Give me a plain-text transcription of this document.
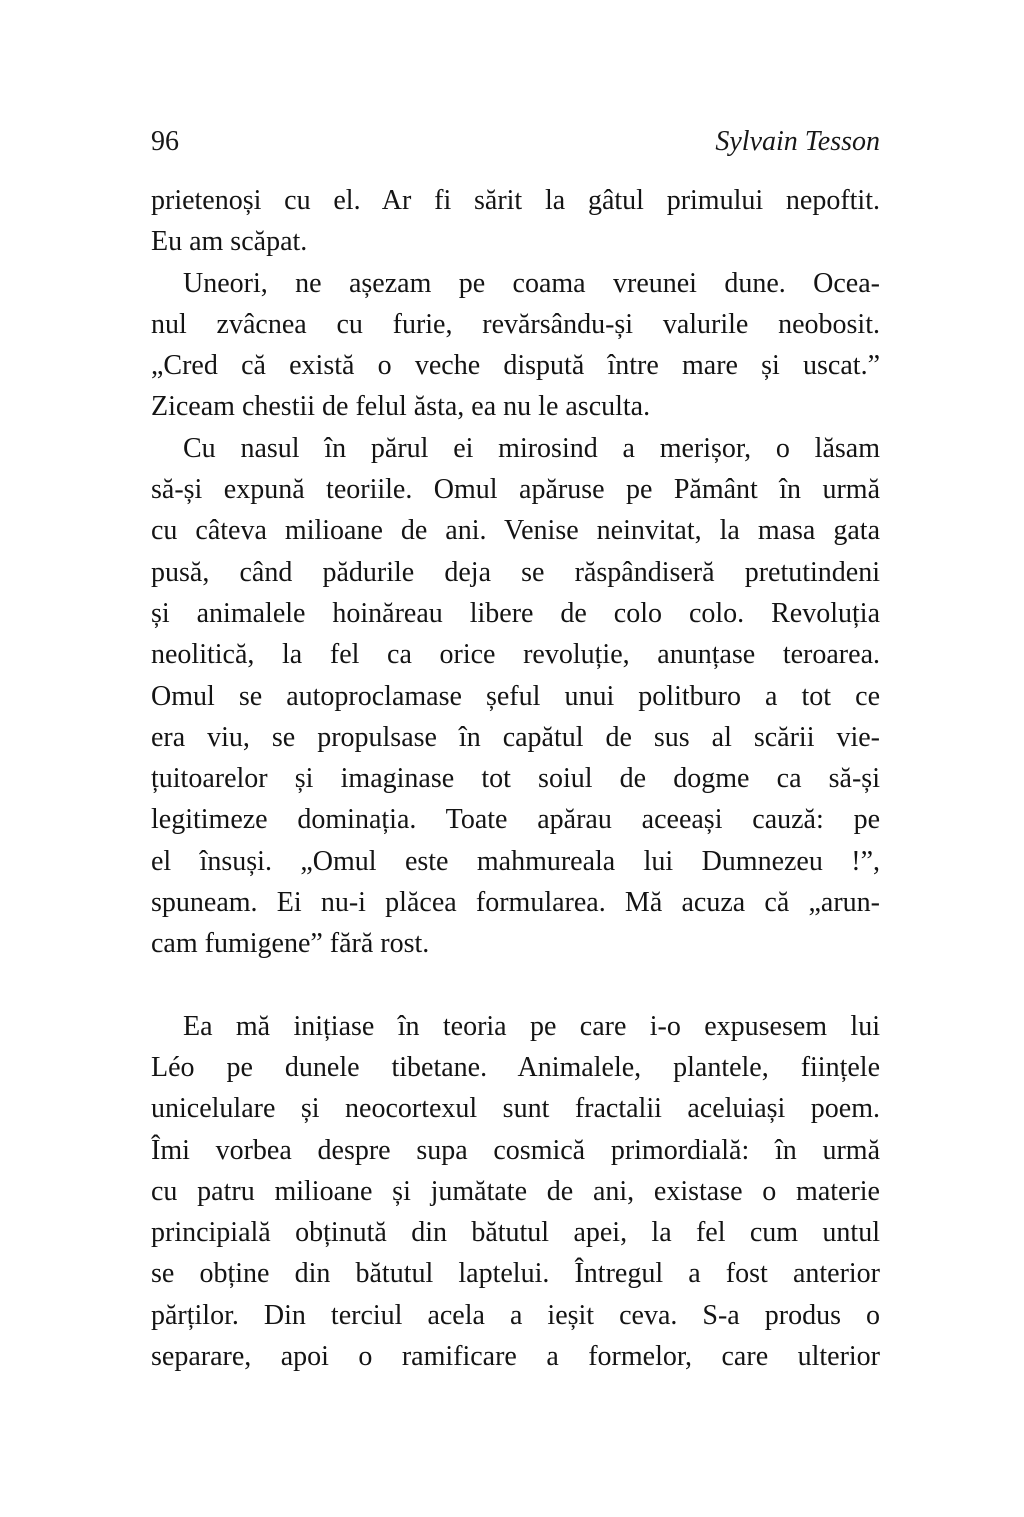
96	Sylvain Tesson
prietenoși cu el. Ar fi sărit la gâtul primului nepoftit.
Eu am scăpat.
Uneori, ne așezam pe coama vreunei dune. Ocea-
nul zvâcnea cu furie, revărsându-și valurile neobosit.
„Cred că există o veche dispută între mare și uscat.”
Ziceam chestii de felul ăsta, ea nu le asculta.
Cu nasul în părul ei mirosind a merișor, o lăsam
să-și expună teoriile. Omul apăruse pe Pământ în urmă
cu câteva milioane de ani. Venise neinvitat, la masa gata
pusă, când pădurile deja se răspândiseră pretutindeni
și animalele hoinăreau libere de colo colo. Revoluția
neolitică, la fel ca orice revoluție, anunțase teroarea.
Omul se autoproclamase șeful unui politburo a tot ce
era viu, se propulsase în capătul de sus al scării vie-
țuitoarelor și imaginase tot soiul de dogme ca să-și
legitimeze dominația. Toate apărau aceeași cauză: pe
el însuși. „Omul este mahmureala lui Dumnezeu !”,
spuneam. Ei nu-i plăcea formularea. Mă acuza că „arun-
cam fumigene” fără rost.
Ea mă inițiase în teoria pe care i-o expusesem lui
Léo pe dunele tibetane. Animalele, plantele, ființele
unicelulare și neocortexul sunt fractalii aceluiași poem.
Îmi vorbea despre supa cosmică primordială: în urmă
cu patru milioane și jumătate de ani, existase o materie
principială obținută din bătutul apei, la fel cum untul
se obține din bătutul laptelui. Întregul a fost anterior
părților. Din terciul acela a ieșit ceva. S-a produs o
separare, apoi o ramificare a formelor, care ulterior
